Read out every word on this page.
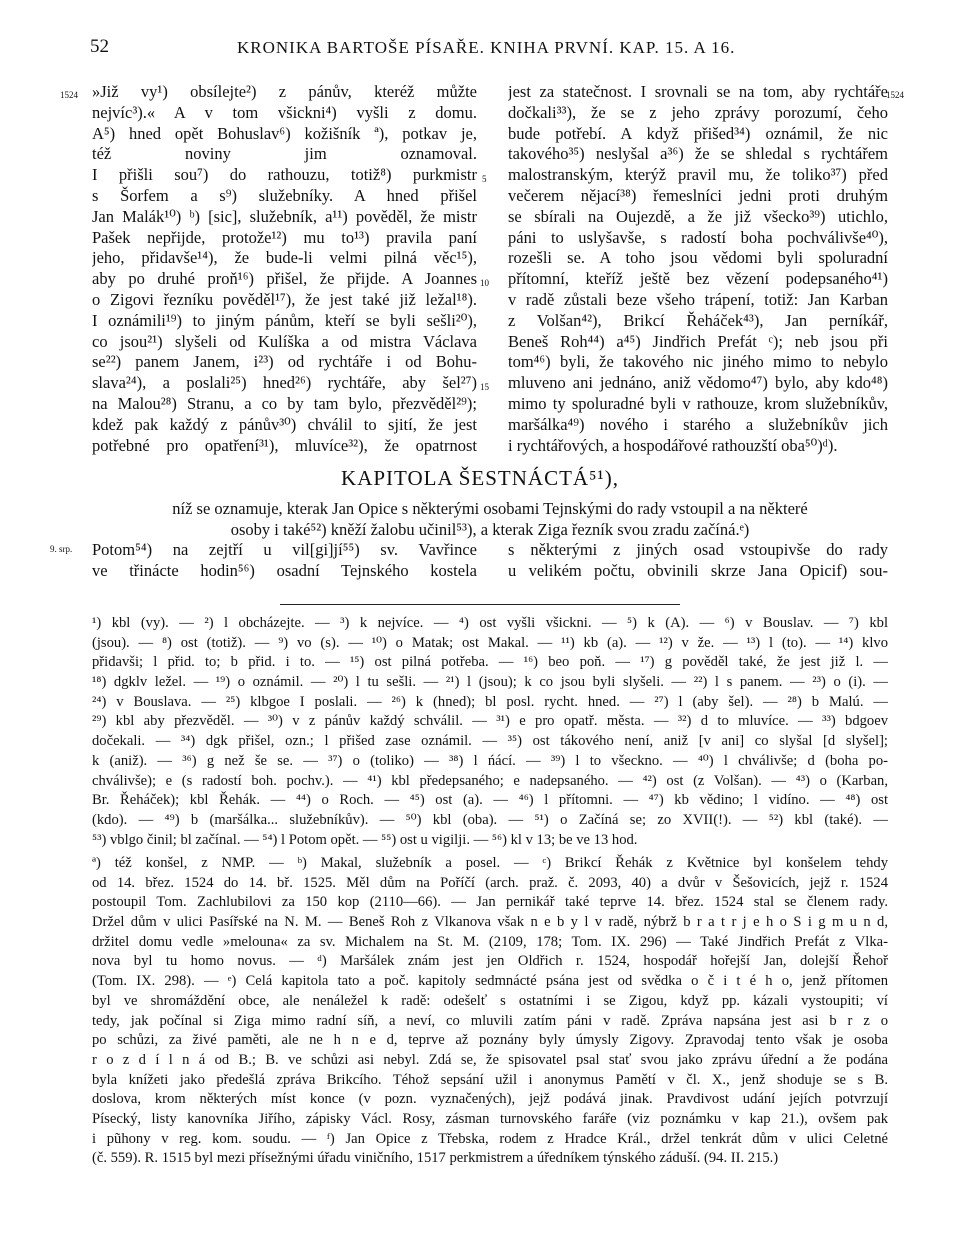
52	KRONIKA BARTOŠE PÍSAŘE. KNIHA PRVNÍ. KAP. 15. A 16.
1524	1524
5
10
15
9. srp.
»Již vy¹) obsílejte²) z pánův, kteréž můžte
nejvíc³).« A v tom všickni⁴) vyšli z domu.
A⁵) hned opět Bohuslav⁶) kožišník ª), potkav je,
též noviny jim oznamoval.
I přišli sou⁷) do rathouzu, totiž⁸) purkmistr
s Šorfem a s⁹) služebníky. A hned přišel
Jan Malák¹⁰) ᵇ) [sic], služebník, a¹¹) pověděl, že mistr
Pašek nepřijde, protože¹²) mu to¹³) pravila paní
jeho, přidavše¹⁴), že bude-li velmi pilná věc¹⁵),
aby po druhé proň¹⁶) přišel, že přijde. A Joannes
o Zigovi řezníku pověděl¹⁷), že jest také již ležal¹⁸).
I oznámili¹⁹) to jiným pánům, kteří se byli sešli²⁰),
co jsou²¹) slyšeli od Kulíška a od mistra Václava
se²²) panem Janem, i²³) od rychtáře i od Bohu-
slava²⁴), a poslali²⁵) hned²⁶) rychtáře, aby šel²⁷)
na Malou²⁸) Stranu, a co by tam bylo, přezvěděl²⁹);
kdež pak každý z pánův³⁰) chválil to sjití, že jest
potřebné pro opatření³¹), mluvíce³²), že opatrnost
jest za statečnost. I srovnali se na tom, aby rychtáře
dočkali³³), že se z jeho zprávy porozumí, čeho
bude potřebí. A když přišed³⁴) oznámil, že nic
takového³⁵) neslyšal a³⁶) že se shledal s rychtářem
malostranským, kterýž pravil mu, že toliko³⁷) před
večerem nějací³⁸) řemeslníci jedni proti druhým
se sbírali na Oujezdě, a že již všecko³⁹) utichlo,
páni to uslyšavše, s radostí boha pochválivše⁴⁰),
rozešli se. A toho jsou vědomi byli spoluradní
přítomní, kteříž ještě bez vězení podepsaného⁴¹)
v radě zůstali beze všeho trápení, totiž: Jan Karban
z Volšan⁴²), Brikcí Řeháček⁴³), Jan perníkář,
Beneš Roh⁴⁴) a⁴⁵) Jindřich Prefát ᶜ); neb jsou při
tom⁴⁶) byli, že takového nic jiného mimo to nebylo
mluveno ani jednáno, aniž vědomo⁴⁷) bylo, aby kdo⁴⁸)
mimo ty spoluradné byli v rathouze, krom služebníkův,
maršálka⁴⁹) nového i starého a služebníkův jich
i rychtářových, a hospodářové rathouzští oba⁵⁰)ᵈ).
KAPITOLA ŠESTNÁCTÁ⁵¹),
níž se oznamuje, kterak Jan Opice s některými osobami Tejnskými do rady vstoupil a na některé
osoby i také⁵²) kněží žalobu učinil⁵³), a kterak Ziga řezník svou zradu začíná.ᵉ)
Potom⁵⁴) na zejtří u vil[gi]jí⁵⁵) sv. Vavřince
ve třinácte hodin⁵⁶) osadní Tejnského kostela
s některými z jiných osad vstoupivše do rady
u velikém počtu, obvinili skrze Jana Opicif) sou-
¹) kbl (vy). — ²) l obcházejte. — ³) k nejvíce. — ⁴) ost vyšli všickni. — ⁵) k (A). — ⁶) v Bouslav. — ⁷) kbl
(jsou). — ⁸) ost (totiž). — ⁹) vo (s). — ¹⁰) o Matak; ost Makal. — ¹¹) kb (a). — ¹²) v že. — ¹³) l (to). — ¹⁴) klvo
přidavši; l přid. to; b přid. i to. — ¹⁵) ost pilná potřeba. — ¹⁶) beo poň. — ¹⁷) g pověděl také, že jest již l. —
¹⁸) dgklv ležel. — ¹⁹) o oznámil. — ²⁰) l tu sešli. — ²¹) l (jsou); k co jsou byli slyšeli. — ²²) l s panem. — ²³) o (i). —
²⁴) v Bouslava. — ²⁵) klbgoe I poslali. — ²⁶) k (hned); bl posl. rycht. hned. — ²⁷) l (aby šel). — ²⁸) b Malú. —
²⁹) kbl aby přezvěděl. — ³⁰) v z pánův každý schválil. — ³¹) e pro opatř. města. — ³²) d to mluvíce. — ³³) bdgoev
dočekali. — ³⁴) dgk přišel, ozn.; l přišed zase oznámil. — ³⁵) ost tákového není, aniž [v ani] co slyšal [d slyšel];
k (aniž). — ³⁶) g než še se. — ³⁷) o (toliko) — ³⁸) l ńácí. — ³⁹) l to všeckno. — ⁴⁰) l chválivše; d (boha po-
chválivše); e (s radostí boh. pochv.). — ⁴¹) kbl předepsaného; e nadepsaného. — ⁴²) ost (z Volšan). — ⁴³) o (Karban,
Br. Řeháček); kbl Řehák. — ⁴⁴) o Roch. — ⁴⁵) ost (a). — ⁴⁶) l přítomni. — ⁴⁷) kb vědino; l vidíno. — ⁴⁸) ost
(kdo). — ⁴⁹) b (maršálka... služebníkův). — ⁵⁰) kbl (oba). — ⁵¹) o Začíná se; zo XVII(!). — ⁵²) kbl (také). —
⁵³) vblgo činil; bl začínal. — ⁵⁴) l Potom opět. — ⁵⁵) ost u vigilji. — ⁵⁶) kl v 13; be ve 13 hod.
ª) též konšel, z NMP. — ᵇ) Makal, služebník a posel. — ᶜ) Brikcí Řehák z Květnice byl konšelem tehdy
od 14. břez. 1524 do 14. bř. 1525. Měl dům na Poříčí (arch. praž. č. 2093, 40) a dvůr v Šešovicích, jejž r. 1524
postoupil Tom. Zachlubilovi za 150 kop (2110—66). — Jan pernikář také teprve 14. břez. 1524 stal se členem rady.
Držel dům v ulici Pasířské na N. M. — Beneš Roh z Vlkanova však n e b y l v radě, nýbrž b r a t r j e h o S i g m u n d,
držitel domu vedle »melouna« za sv. Michalem na St. M. (2109, 178; Tom. IX. 296) — Také Jindřich Prefát z Vlka-
nova byl tu homo novus. — ᵈ) Maršálek znám jest jen Oldřich r. 1524, hospodář hořejší Jan, dolejší Řehoř
(Tom. IX. 298). — ᵉ) Celá kapitola tato a poč. kapitoly sedmnácté psána jest od svědka o č i t é h o, jenž přítomen
byl ve shromáždění obce, ale nenáležel k radě: odešelť s ostatními i se Zigou, když pp. kázali vystoupiti; ví
tedy, jak počínal si Ziga mimo radní síň, a neví, co mluvili zatím páni v radě. Zpráva napsána jest asi b r z o
po schůzi, za živé paměti, ale ne h n e d, teprve až poznány byly úmysly Zigovy. Zpravodaj tento však je osoba
r o z d í l n á od B.; B. ve schůzi asi nebyl. Zdá se, že spisovatel psal stať svou jako zprávu úřední a že podána
byla knížeti jako předešlá zpráva Brikcího. Téhož sepsání užil i anonymus Pamětí v čl. X., jenž shoduje se s B.
doslova, krom některých míst konce (v pozn. vyznačených), jejž podává jinak. Pravdivost udání jejích potvrzují
Písecký, listy kanovníka Jiřího, zápisky Václ. Rosy, zásman turnovského faráře (viz poznámku v kap 21.), ovšem pak
i pũhony v reg. kom. soudu. — ᶠ) Jan Opice z Třebska, rodem z Hradce Král., držel tenkrát dům v ulici Celetné
(č. 559). R. 1515 byl mezi přísežnými úřadu viničního, 1517 perkmistrem a úředníkem týnského záduší. (94. II. 215.)
